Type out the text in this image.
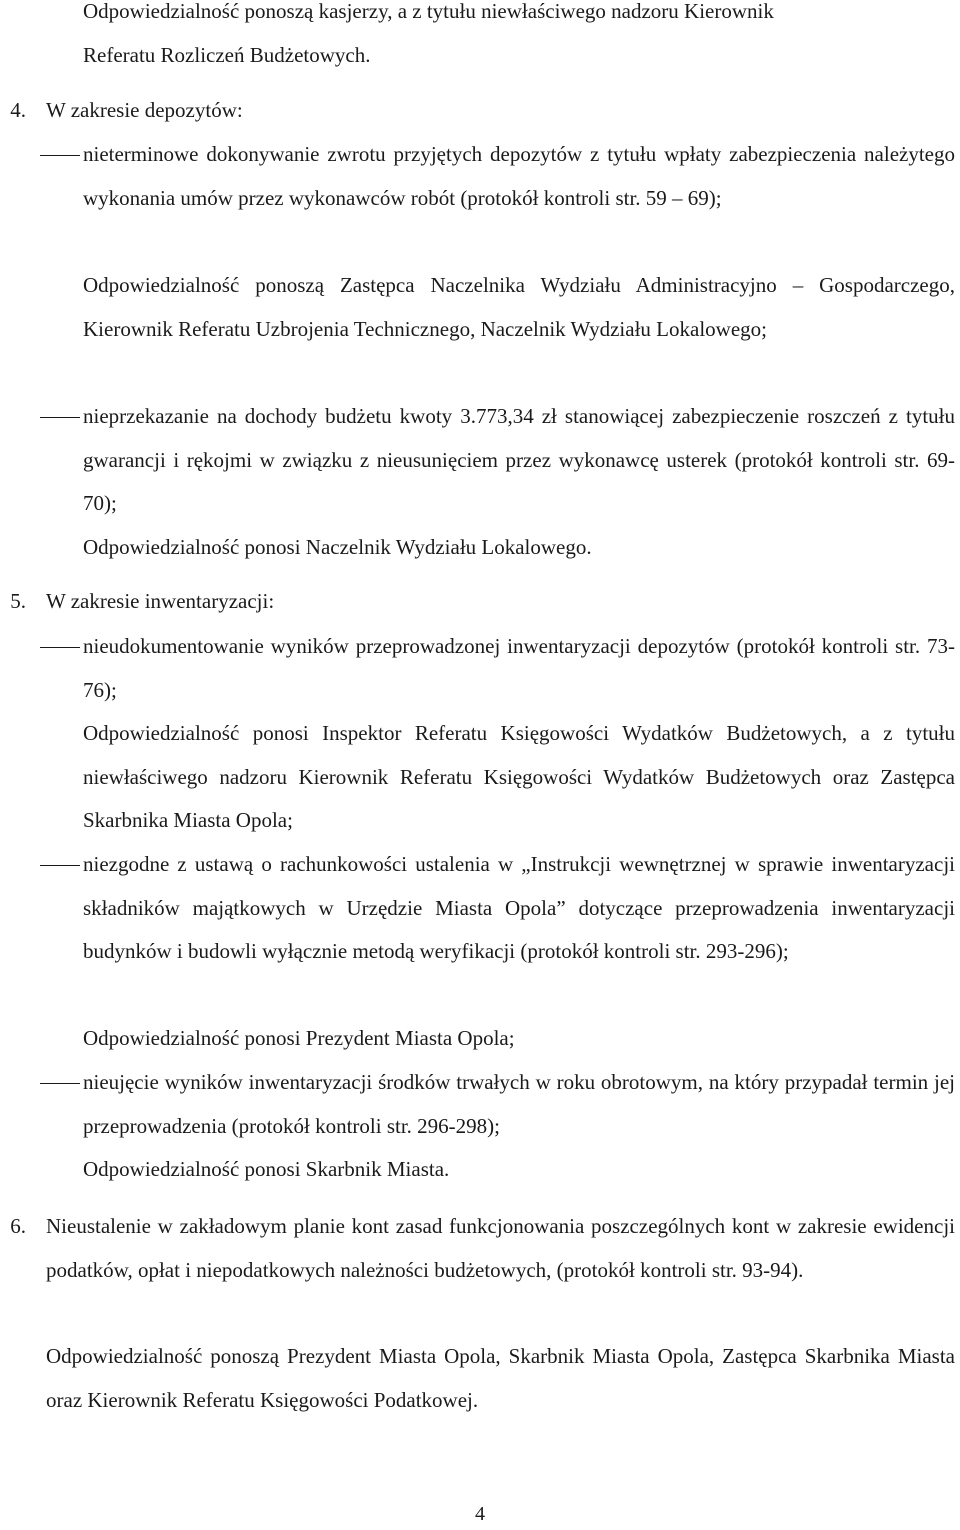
Odpowiedzialność ponoszą kasjerzy, a z tytułu niewłaściwego nadzoru Kierownik
Referatu Rozliczeń Budżetowych.
4. W zakresie depozytów:
nieterminowe dokonywanie zwrotu przyjętych depozytów z tytułu wpłaty zabezpieczenia należytego wykonania umów przez wykonawców robót (protokół kontroli str. 59 – 69);
Odpowiedzialność ponoszą Zastępca Naczelnika Wydziału Administracyjno – Gospodarczego, Kierownik Referatu Uzbrojenia Technicznego, Naczelnik Wydziału Lokalowego;
nieprzekazanie na dochody budżetu kwoty 3.773,34 zł stanowiącej zabezpieczenie roszczeń z tytułu gwarancji i rękojmi w związku z nieusunięciem przez wykonawcę usterek (protokół kontroli str. 69-70);
Odpowiedzialność ponosi Naczelnik Wydziału Lokalowego.
5. W zakresie inwentaryzacji:
nieudokumentowanie wyników przeprowadzonej inwentaryzacji depozytów (protokół kontroli str. 73-76);
Odpowiedzialność ponosi Inspektor Referatu Księgowości Wydatków Budżetowych, a z tytułu niewłaściwego nadzoru Kierownik Referatu Księgowości Wydatków Budżetowych oraz Zastępca Skarbnika Miasta Opola;
niezgodne z ustawą o rachunkowości ustalenia w „Instrukcji wewnętrznej w sprawie inwentaryzacji składników majątkowych w Urzędzie Miasta Opola” dotyczące przeprowadzenia inwentaryzacji budynków i budowli wyłącznie metodą weryfikacji (protokół kontroli str. 293-296);
Odpowiedzialność ponosi Prezydent Miasta Opola;
nieujęcie wyników inwentaryzacji środków trwałych w roku obrotowym, na który przypadał termin jej przeprowadzenia (protokół kontroli str. 296-298);
Odpowiedzialność ponosi Skarbnik Miasta.
6. Nieustalenie w zakładowym planie kont zasad funkcjonowania poszczególnych kont w zakresie ewidencji podatków, opłat i niepodatkowych należności budżetowych, (protokół kontroli str. 93-94).
Odpowiedzialność ponoszą Prezydent Miasta Opola, Skarbnik Miasta Opola, Zastępca Skarbnika Miasta oraz Kierownik Referatu Księgowości Podatkowej.
4
